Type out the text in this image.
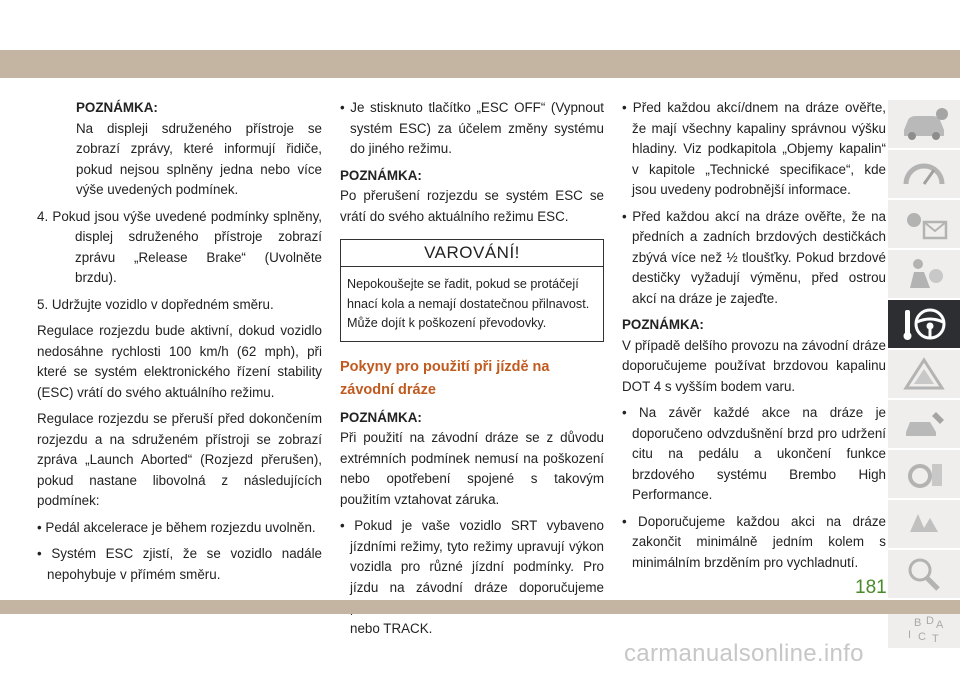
POZNÁMKA:

Na displeji sdruženého přístroje se zobrazí zprávy, které informují řidiče, pokud nejsou splněny jedna nebo více výše uvedených podmínek.

4. Pokud jsou výše uvedené podmínky splněny, displej sdruženého přístroje zobrazí zprávu „Release Brake“ (Uvolněte brzdu).

5. Udržujte vozidlo v dopředném směru.

Regulace rozjezdu bude aktivní, dokud vozidlo nedosáhne rychlosti 100 km/h (62 mph), při které se systém elektronického řízení stability (ESC) vrátí do svého aktuálního režimu.

Regulace rozjezdu se přeruší před dokončením rozjezdu a na sdruženém přístroji se zobrazí zpráva „Launch Aborted“ (Rozjezd přerušen), pokud nastane libovolná z následujících podmínek:

• Pedál akcelerace je během rozjezdu uvolněn.

• Systém ESC zjistí, že se vozidlo nadále nepohybuje v přímém směru.

• Je stisknuto tlačítko „ESC OFF“ (Vypnout systém ESC) za účelem změny systému do jiného režimu.

POZNÁMKA:

Po přerušení rozjezdu se systém ESC se vrátí do svého aktuálního režimu ESC.

VAROVÁNÍ!
Nepokoušejte se řadit, pokud se protáčejí hnací kola a nemají dostatečnou přilnavost. Může dojít k poškození převodovky.
Pokyny pro použití při jízdě na závodní dráze
POZNÁMKA:

Při použití na závodní dráze se z důvodu extrémních podmínek nemusí na poškození nebo opotřebení spojené s takovým použitím vztahovat záruka.

• Pokud je vaše vozidlo SRT vybaveno jízdními režimy, tyto režimy upravují výkon vozidla pro různé jízdní podmínky. Pro jízdu na závodní dráze doporučujeme nebo TRACK.

• Před každou akcí/dnem na dráze ověřte, že mají všechny kapaliny správnou výšku hladiny. Viz podkapitola „Objemy kapalin“ v kapitole „Technické specifikace“, kde jsou uvedeny podrobnější informace.

• Před každou akcí na dráze ověřte, že na předních a zadních brzdových destičkách zbývá více než ½ tloušťky. Pokud brzdové destičky vyžadují výměnu, před ostrou akcí na dráze je zajeďte.

POZNÁMKA:

V případě delšího provozu na závodní dráze doporučujeme používat brzdovou kapalinu DOT 4 s vyšším bodem varu.

• Na závěr každé akce na dráze je doporučeno odvzdušnění brzd pro udržení citu na pedálu a ukončení funkce brzdového systému Brembo High Performance.

• Doporučujeme každou akci na dráze zakončit minimálně jedním kolem s minimálním brzděním pro vychladnutí.

B A
C
D
I T
181
carmanualsonline.info
